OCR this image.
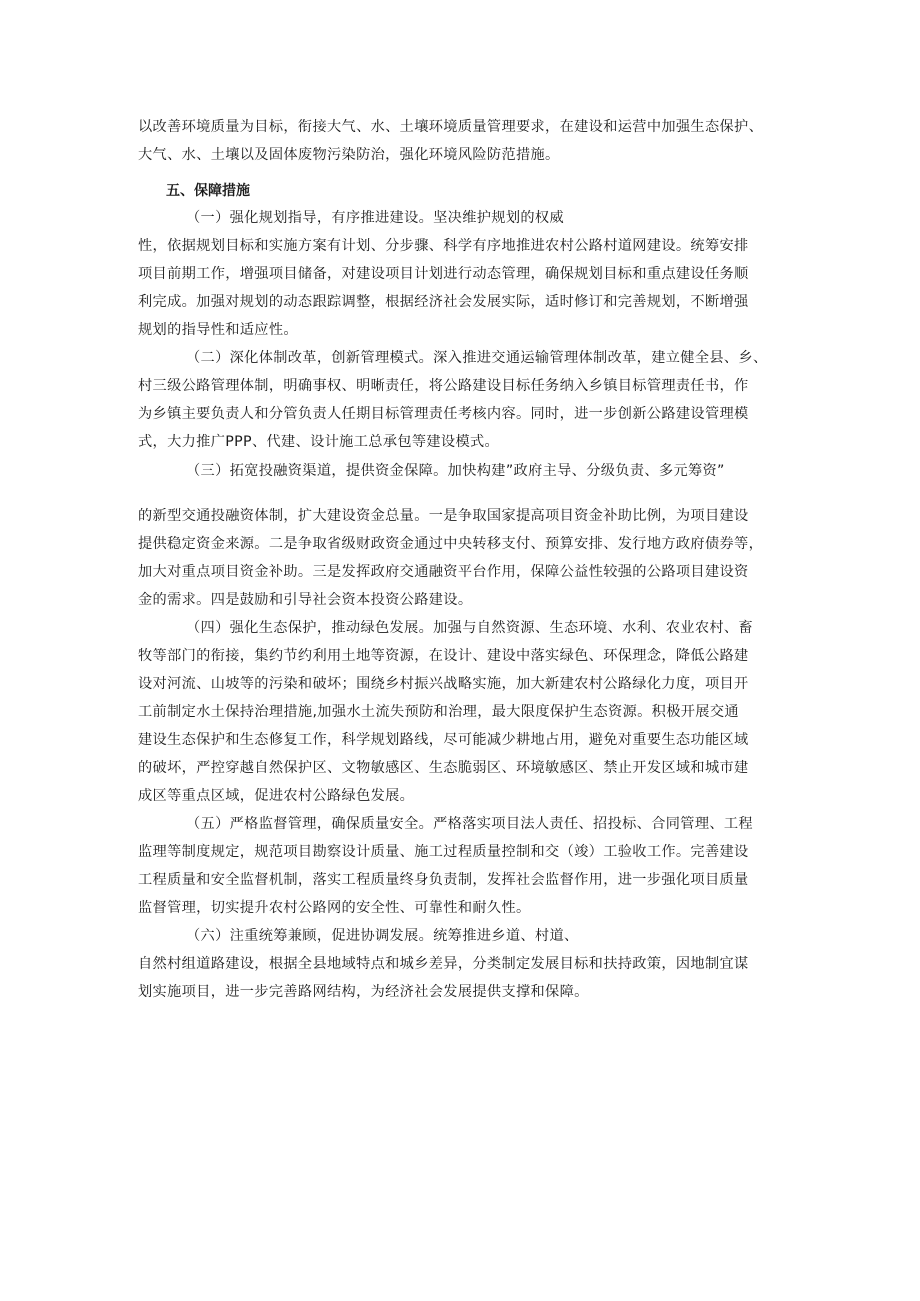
以改善环境质量为目标，衔接大气、水、土壤环境质量管理要求，在建设和运营中加强生态保护、
大气、水、土壤以及固体废物污染防治，强化环境风险防范措施。
五、保障措施
（一）强化规划指导，有序推进建设。坚决维护规划的权威
性，依据规划目标和实施方案有计划、分步骤、科学有序地推进农村公路村道网建设。统筹安排
项目前期工作，增强项目储备，对建设项目计划进行动态管理，确保规划目标和重点建设任务顺
利完成。加强对规划的动态跟踪调整，根据经济社会发展实际，适时修订和完善规划，不断增强
规划的指导性和适应性。
（二）深化体制改革，创新管理模式。深入推进交通运输管理体制改革，建立健全县、乡、
村三级公路管理体制，明确事权、明晰责任，将公路建设目标任务纳入乡镇目标管理责任书，作
为乡镇主要负责人和分管负责人任期目标管理责任考核内容。同时，进一步创新公路建设管理模
式，大力推广PPP、代建、设计施工总承包等建设模式。
（三）拓宽投融资渠道，提供资金保障。加快构建”政府主导、分级负责、多元筹资”
的新型交通投融资体制，扩大建设资金总量。一是争取国家提高项目资金补助比例，为项目建设
提供稳定资金来源。二是争取省级财政资金通过中央转移支付、预算安排、发行地方政府债券等，
加大对重点项目资金补助。三是发挥政府交通融资平台作用，保障公益性较强的公路项目建设资
金的需求。四是鼓励和引导社会资本投资公路建设。
（四）强化生态保护，推动绿色发展。加强与自然资源、生态环境、水利、农业农村、畜
牧等部门的衔接，集约节约利用土地等资源，在设计、建设中落实绿色、环保理念，降低公路建
设对河流、山坡等的污染和破坏；围绕乡村振兴战略实施，加大新建农村公路绿化力度，项目开
工前制定水土保持治理措施,加强水土流失预防和治理，最大限度保护生态资源。积极开展交通
建设生态保护和生态修复工作，科学规划路线，尽可能减少耕地占用，避免对重要生态功能区域
的破坏，严控穿越自然保护区、文物敏感区、生态脆弱区、环境敏感区、禁止开发区域和城市建
成区等重点区域，促进农村公路绿色发展。
（五）严格监督管理，确保质量安全。严格落实项目法人责任、招投标、合同管理、工程
监理等制度规定，规范项目勘察设计质量、施工过程质量控制和交（竣）工验收工作。完善建设
工程质量和安全监督机制，落实工程质量终身负责制，发挥社会监督作用，进一步强化项目质量
监督管理，切实提升农村公路网的安全性、可靠性和耐久性。
（六）注重统筹兼顾，促进协调发展。统筹推进乡道、村道、
自然村组道路建设，根据全县地域特点和城乡差异，分类制定发展目标和扶持政策，因地制宜谋
划实施项目，进一步完善路网结构，为经济社会发展提供支撑和保障。
